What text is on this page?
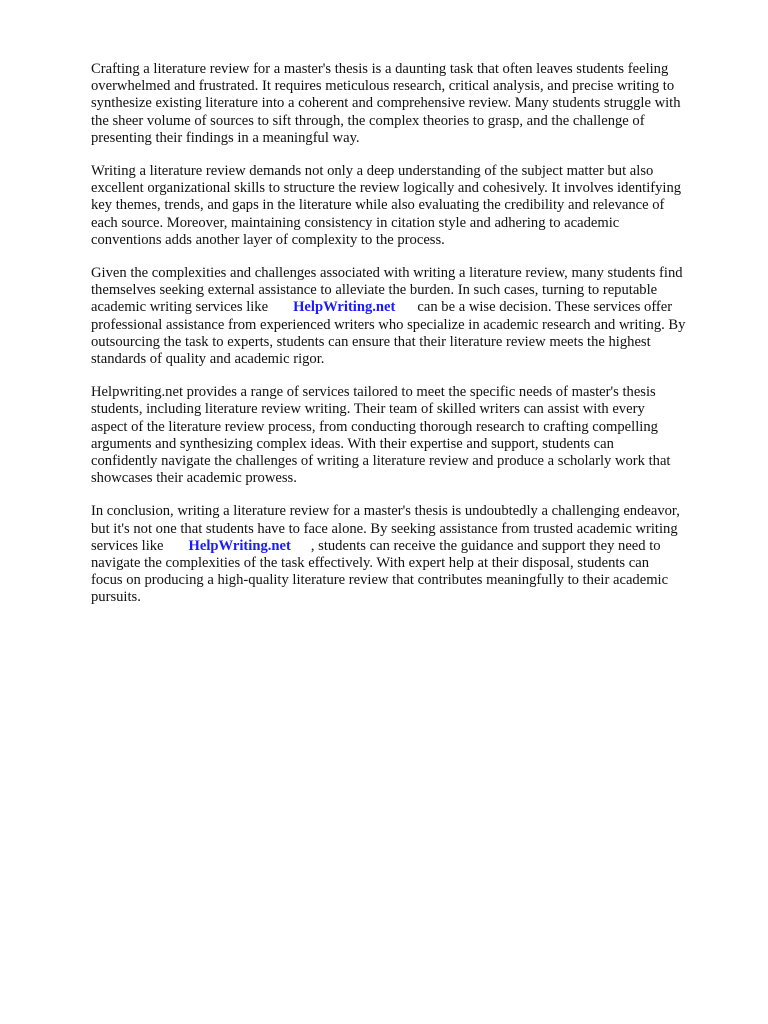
Crafting a literature review for a master's thesis is a daunting task that often leaves students feeling
overwhelmed and frustrated. It requires meticulous research, critical analysis, and precise writing to
synthesize existing literature into a coherent and comprehensive review. Many students struggle with
the sheer volume of sources to sift through, the complex theories to grasp, and the challenge of
presenting their findings in a meaningful way.

Writing a literature review demands not only a deep understanding of the subject matter but also
excellent organizational skills to structure the review logically and cohesively. It involves identifying
key themes, trends, and gaps in the literature while also evaluating the credibility and relevance of
each source. Moreover, maintaining consistency in citation style and adhering to academic
conventions adds another layer of complexity to the process.

Given the complexities and challenges associated with writing a literature review, many students find
themselves seeking external assistance to alleviate the burden. In such cases, turning to reputable
academic writing services like HelpWriting.net can be a wise decision. These services offer
professional assistance from experienced writers who specialize in academic research and writing. By
outsourcing the task to experts, students can ensure that their literature review meets the highest
standards of quality and academic rigor.

Helpwriting.net provides a range of services tailored to meet the specific needs of master's thesis
students, including literature review writing. Their team of skilled writers can assist with every
aspect of the literature review process, from conducting thorough research to crafting compelling
arguments and synthesizing complex ideas. With their expertise and support, students can
confidently navigate the challenges of writing a literature review and produce a scholarly work that
showcases their academic prowess.

In conclusion, writing a literature review for a master's thesis is undoubtedly a challenging endeavor,
but it's not one that students have to face alone. By seeking assistance from trusted academic writing
services like HelpWriting.net , students can receive the guidance and support they need to
navigate the complexities of the task effectively. With expert help at their disposal, students can
focus on producing a high-quality literature review that contributes meaningfully to their academic
pursuits.
